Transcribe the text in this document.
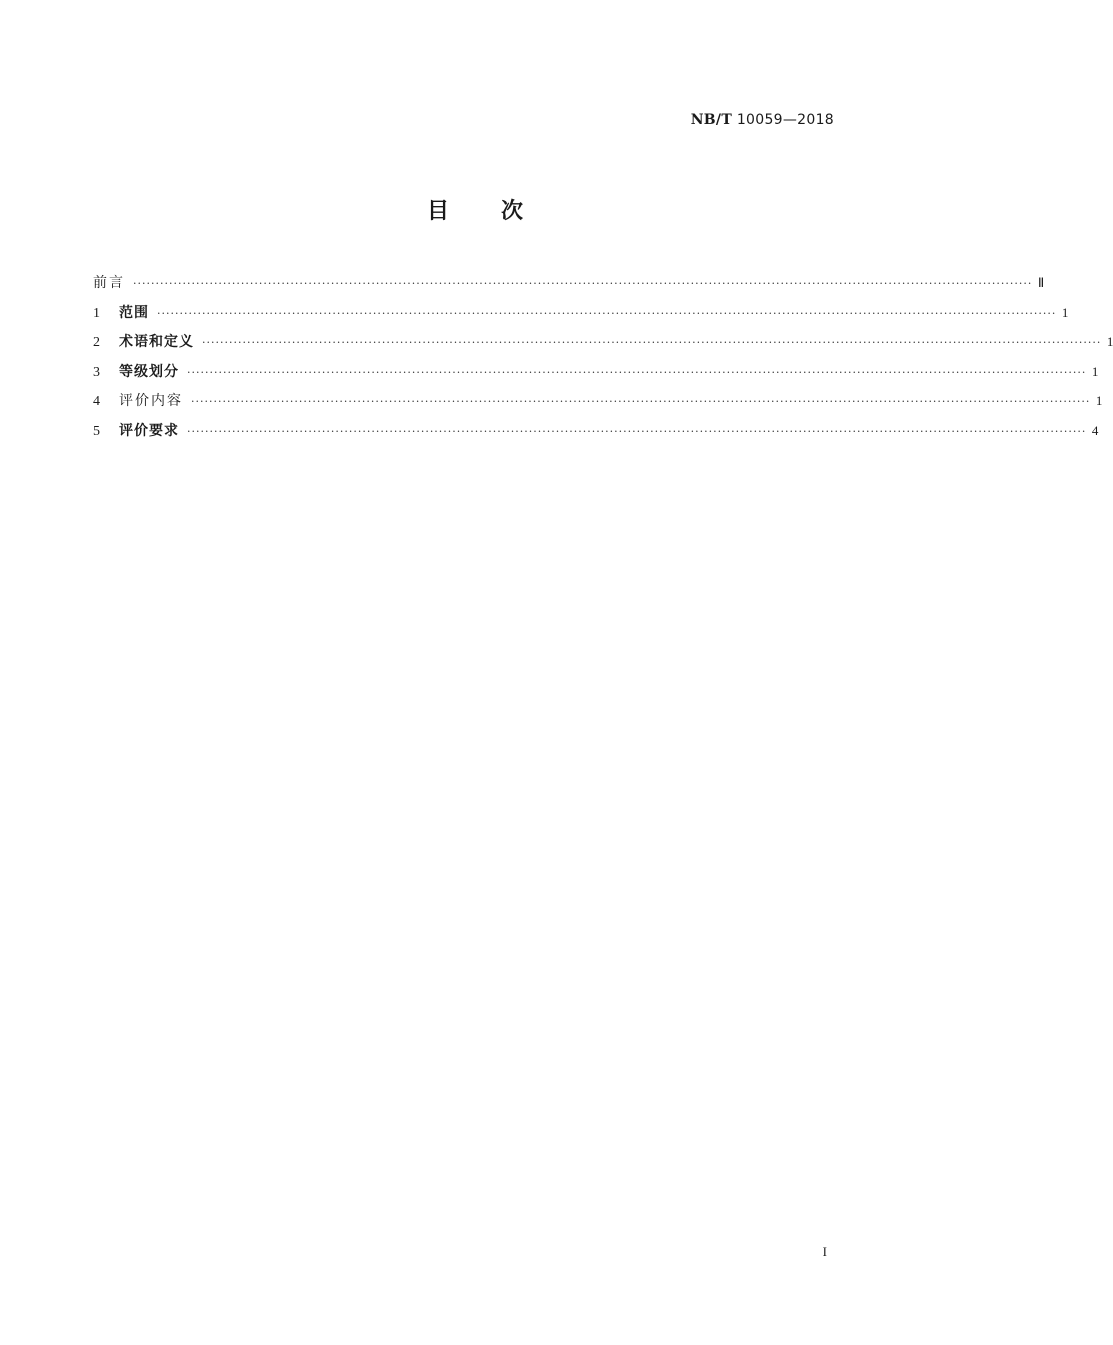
NB/T 10059—2018
目次
前言 ········································································································································································································ Ⅱ
1	范围 ········································································································································································································ 1
2	术语和定义 ········································································································································································································ 1
3	等级划分 ········································································································································································································ 1
4	评价内容 ········································································································································································································ 1
5	评价要求 ········································································································································································································ 4
I
